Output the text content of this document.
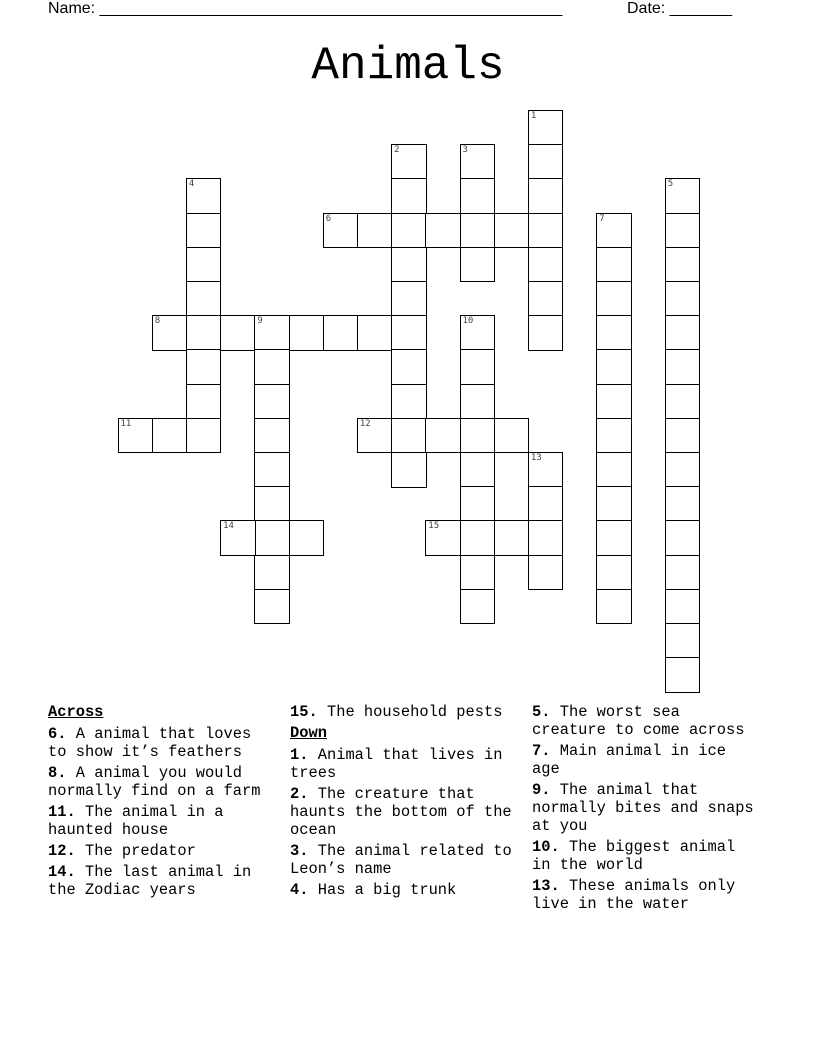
Name: ____________________________________________________	Date: _______
Animals
1
2	3
4	5
6	7
8	9	10
11	12
13
14	15
Across
6. A animal that loves to show it’s feathers
8. A animal you would normally find on a farm
11. The animal in a haunted house
12. The predator
14. The last animal in the Zodiac years
15. The household pests
Down
1. Animal that lives in trees
2. The creature that haunts the bottom of the ocean
3. The animal related to Leon’s name
4. Has a big trunk
5. The worst sea creature to come across
7. Main animal in ice age
9. The animal that normally bites and snaps at you
10. The biggest animal in the world
13. These animals only live in the water
